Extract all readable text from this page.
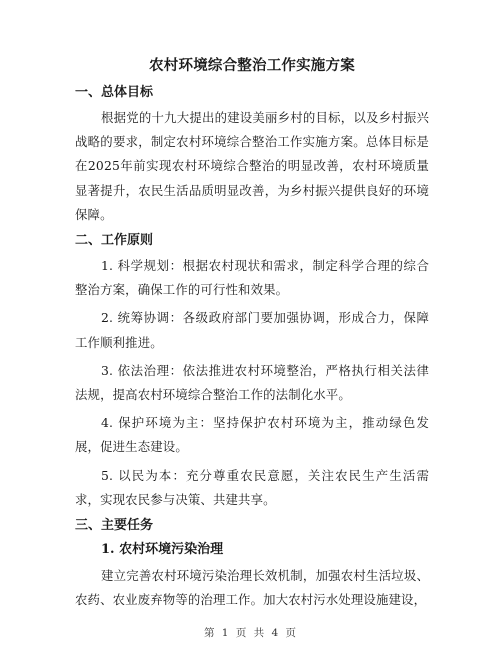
农村环境综合整治工作实施方案
一、总体目标

根据党的十九大提出的建设美丽乡村的目标，以及乡村振兴战略的要求，制定农村环境综合整治工作实施方案。总体目标是在2025年前实现农村环境综合整治的明显改善，农村环境质量显著提升，农民生活品质明显改善，为乡村振兴提供良好的环境保障。

二、工作原则

1. 科学规划：根据农村现状和需求，制定科学合理的综合整治方案，确保工作的可行性和效果。

2. 统筹协调：各级政府部门要加强协调，形成合力，保障工作顺利推进。

3. 依法治理：依法推进农村环境整治，严格执行相关法律法规，提高农村环境综合整治工作的法制化水平。

4. 保护环境为主：坚持保护农村环境为主，推动绿色发展，促进生态建设。

5. 以民为本：充分尊重农民意愿，关注农民生产生活需求，实现农民参与决策、共建共享。

三、主要任务
1. 农村环境污染治理

建立完善农村环境污染治理长效机制，加强农村生活垃圾、农药、农业废弃物等的治理工作。加大农村污水处理设施建设，

第 1 页 共 4 页
